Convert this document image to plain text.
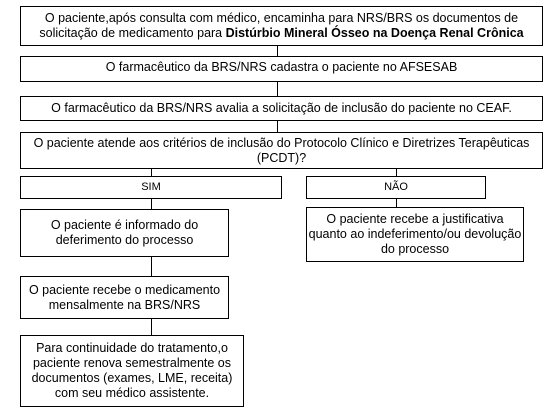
O paciente,após consulta com médico, encaminha para NRS/BRS os documentos de solicitação de medicamento para Distúrbio Mineral Ósseo na Doença Renal Crônica
O farmacêutico da BRS/NRS cadastra o paciente no AFSESAB
O farmacêutico da BRS/NRS avalia a solicitação de inclusão do paciente no CEAF.
O paciente atende aos critérios de inclusão do Protocolo Clínico e Diretrizes Terapêuticas (PCDT)?
SIM	NÃO
O paciente é informado do deferimento do processo
O paciente recebe o medicamento mensalmente na BRS/NRS
Para continuidade do tratamento,o paciente renova semestralmente os documentos (exames, LME, receita) com seu médico assistente.
O paciente recebe a justificativa quanto ao indeferimento/ou devolução do processo
